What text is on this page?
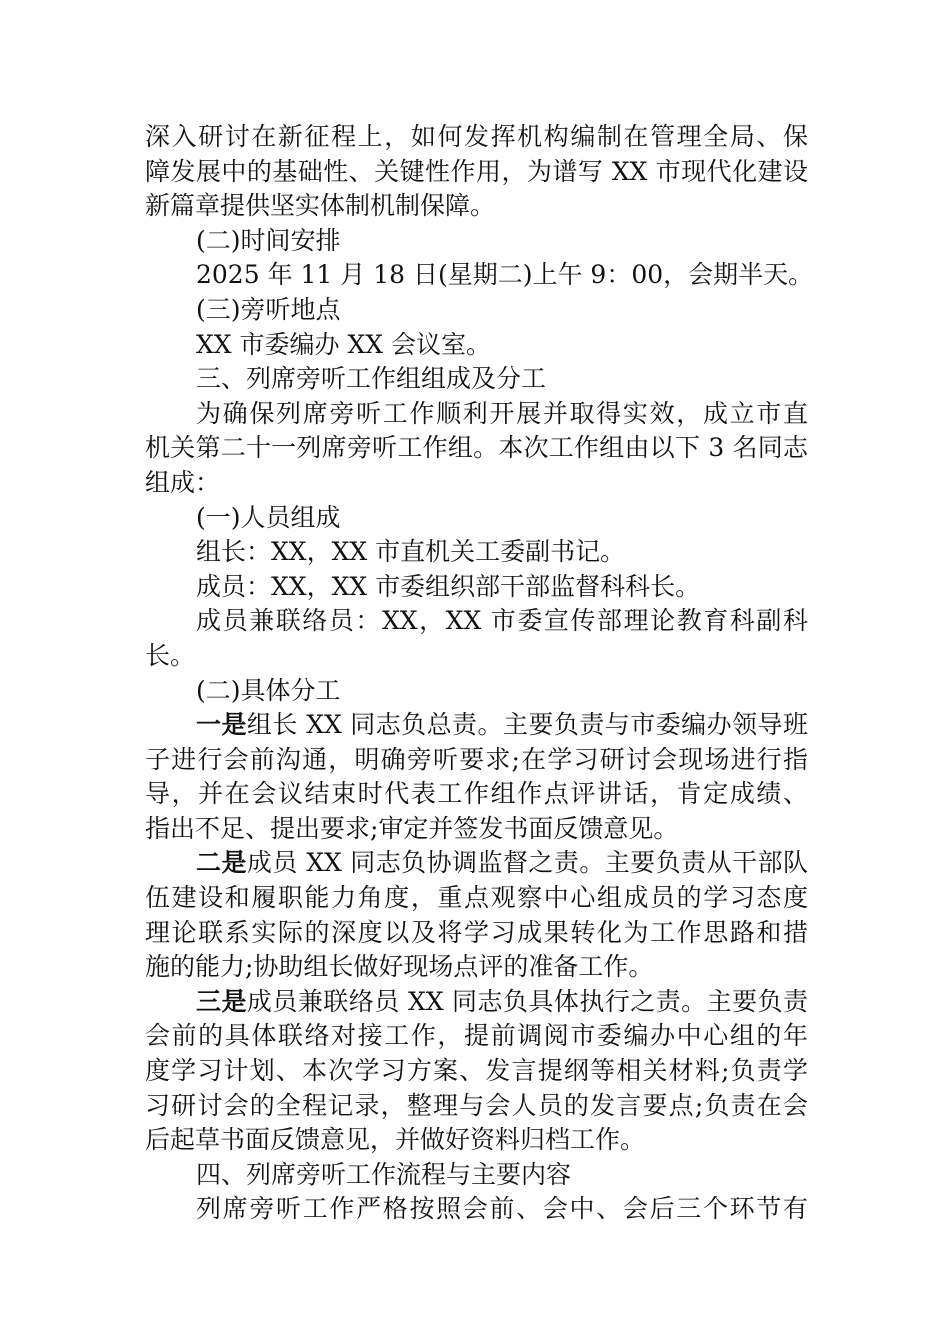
深入研讨在新征程上，如何发挥机构编制在管理全局、保
障发展中的基础性、关键性作用，为谱写 XX 市现代化建设
新篇章提供坚实体制机制保障。
(二)时间安排
2025 年 11 月 18 日(星期二)上午 9：00，会期半天。
(三)旁听地点
XX 市委编办 XX 会议室。
三、列席旁听工作组组成及分工
为确保列席旁听工作顺利开展并取得实效，成立市直
机关第二十一列席旁听工作组。本次工作组由以下 3 名同志
组成：
(一)人员组成
组长：XX，XX 市直机关工委副书记。
成员：XX，XX 市委组织部干部监督科科长。
成员兼联络员：XX，XX 市委宣传部理论教育科副科
长。
(二)具体分工
一是组长 XX 同志负总责。主要负责与市委编办领导班
子进行会前沟通，明确旁听要求;在学习研讨会现场进行指
导，并在会议结束时代表工作组作点评讲话，肯定成绩、
指出不足、提出要求;审定并签发书面反馈意见。
二是成员 XX 同志负协调监督之责。主要负责从干部队
伍建设和履职能力角度，重点观察中心组成员的学习态度
理论联系实际的深度以及将学习成果转化为工作思路和措
施的能力;协助组长做好现场点评的准备工作。
三是成员兼联络员 XX 同志负具体执行之责。主要负责
会前的具体联络对接工作，提前调阅市委编办中心组的年
度学习计划、本次学习方案、发言提纲等相关材料;负责学
习研讨会的全程记录，整理与会人员的发言要点;负责在会
后起草书面反馈意见，并做好资料归档工作。
四、列席旁听工作流程与主要内容
列席旁听工作严格按照会前、会中、会后三个环节有
